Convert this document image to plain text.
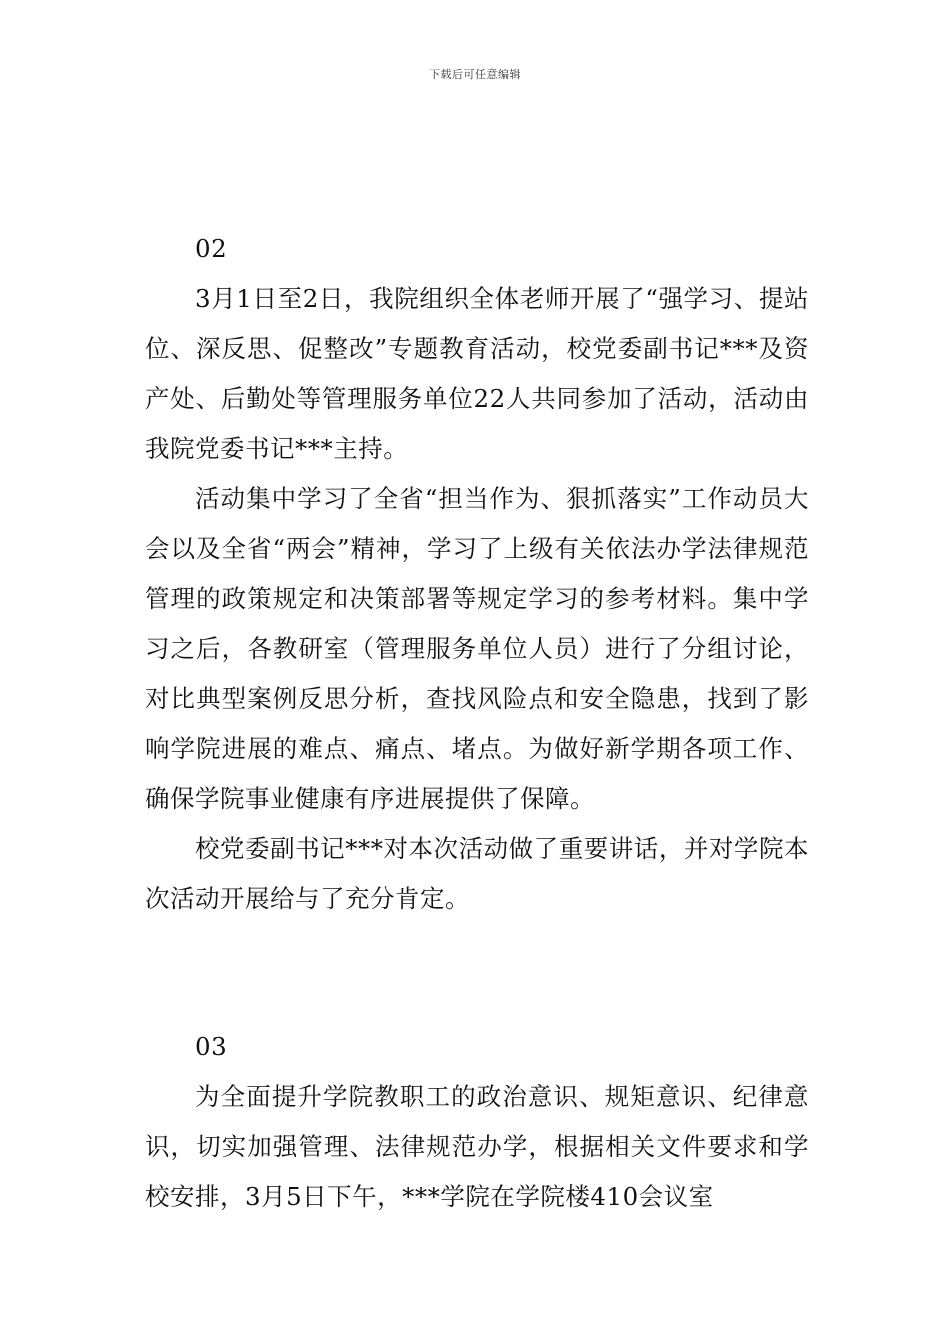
下载后可任意编辑

02

3月1日至2日，我院组织全体老师开展了“强学习、提站位、深反思、促整改”专题教育活动，校党委副书记***及资产处、后勤处等管理服务单位22人共同参加了活动，活动由我院党委书记***主持。

活动集中学习了全省“担当作为、狠抓落实”工作动员大会以及全省“两会”精神，学习了上级有关依法办学法律规范管理的政策规定和决策部署等规定学习的参考材料。集中学习之后，各教研室（管理服务单位人员）进行了分组讨论，对比典型案例反思分析，查找风险点和安全隐患，找到了影响学院进展的难点、痛点、堵点。为做好新学期各项工作、确保学院事业健康有序进展提供了保障。

校党委副书记***对本次活动做了重要讲话，并对学院本次活动开展给与了充分肯定。

03

为全面提升学院教职工的政治意识、规矩意识、纪律意识，切实加强管理、法律规范办学，根据相关文件要求和学校安排，3月5日下午，***学院在学院楼410会议室
